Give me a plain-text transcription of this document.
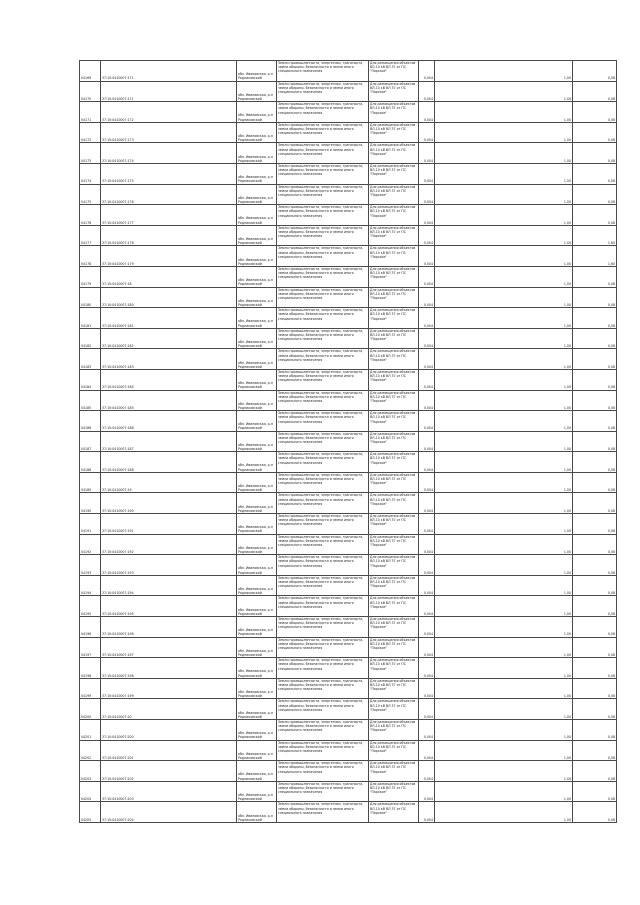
04169	37:10:0410007:171	обл. Ивановская, р-н Родниковский	Земли промышленности, энергетики, транспорта, земли обороны, безопасности и земли иного специального назначения	Для размещения объектов ВЛ-10 кВ ВЛ 37 от ПС "Парское"	0,004	1,00	0,08
04170	37:10:0410007:171	обл. Ивановская, р-н Родниковский	Земли промышленности, энергетики, транспорта, земли обороны, безопасности и земли иного специального назначения	Для размещения объектов ВЛ-10 кВ ВЛ 37 от ПС "Парское"	0,004	1,00	0,08
04171	37:10:0410007:172	обл. Ивановская, р-н Родниковский	Земли промышленности, энергетики, транспорта, земли обороны, безопасности и земли иного специального назначения	Для размещения объектов ВЛ-10 кВ ВЛ 37 от ПС "Парское"	0,004	1,00	0,08
04172	37:10:0410007:173	обл. Ивановская, р-н Родниковский	Земли промышленности, энергетики, транспорта, земли обороны, безопасности и земли иного специального назначения	Для размещения объектов ВЛ-10 кВ ВЛ 37 от ПС "Парское"	0,004	1,00	0,08
04173	37:10:0410007:174	обл. Ивановская, р-н Родниковский	Земли промышленности, энергетики, транспорта, земли обороны, безопасности и земли иного специального назначения	Для размещения объектов ВЛ-10 кВ ВЛ 37 от ПС "Парское"	0,004	1,00	0,08
04174	37:10:0410007:175	обл. Ивановская, р-н Родниковский	Земли промышленности, энергетики, транспорта, земли обороны, безопасности и земли иного специального назначения	Для размещения объектов ВЛ-10 кВ ВЛ 37 от ПС "Парское"	0,004	1,00	0,08
04175	37:10:0410007:176	обл. Ивановская, р-н Родниковский	Земли промышленности, энергетики, транспорта, земли обороны, безопасности и земли иного специального назначения	Для размещения объектов ВЛ-10 кВ ВЛ 37 от ПС "Парское"	0,004	1,00	0,08
04176	37:10:0410007:177	обл. Ивановская, р-н Родниковский	Земли промышленности, энергетики, транспорта, земли обороны, безопасности и земли иного специального назначения	Для размещения объектов ВЛ-10 кВ ВЛ 37 от ПС "Парское"	0,004	1,00	0,08
04177	37:10:0410007:178	обл. Ивановская, р-н Родниковский	Земли промышленности, энергетики, транспорта, земли обороны, безопасности и земли иного специального назначения	Для размещения объектов ВЛ-10 кВ ВЛ 37 от ПС "Парское"	0,004	1,00	1,60
04178	37:10:0410007:179	обл. Ивановская, р-н Родниковский	Земли промышленности, энергетики, транспорта, земли обороны, безопасности и земли иного специального назначения	Для размещения объектов ВЛ-10 кВ ВЛ 37 от ПС "Парское"	0,004	1,00	1,60
04179	37:10:0410007:18	обл. Ивановская, р-н Родниковский	Земли промышленности, энергетики, транспорта, земли обороны, безопасности и земли иного специального назначения	Для размещения объектов ВЛ-10 кВ ВЛ 37 от ПС "Парское"	0,004	1,00	0,08
04180	37:10:0410007:180	обл. Ивановская, р-н Родниковский	Земли промышленности, энергетики, транспорта, земли обороны, безопасности и земли иного специального назначения	Для размещения объектов ВЛ-10 кВ ВЛ 37 от ПС "Парское"	0,004	1,00	0,08
04181	37:10:0410007:181	обл. Ивановская, р-н Родниковский	Земли промышленности, энергетики, транспорта, земли обороны, безопасности и земли иного специального назначения	Для размещения объектов ВЛ-10 кВ ВЛ 37 от ПС "Парское"	0,004	1,00	0,08
04182	37:10:0410007:182	обл. Ивановская, р-н Родниковский	Земли промышленности, энергетики, транспорта, земли обороны, безопасности и земли иного специального назначения	Для размещения объектов ВЛ-10 кВ ВЛ 37 от ПС "Парское"	0,004	1,00	0,08
04183	37:10:0410007:183	обл. Ивановская, р-н Родниковский	Земли промышленности, энергетики, транспорта, земли обороны, безопасности и земли иного специального назначения	Для размещения объектов ВЛ-10 кВ ВЛ 37 от ПС "Парское"	0,004	1,00	0,08
04184	37:10:0410007:184	обл. Ивановская, р-н Родниковский	Земли промышленности, энергетики, транспорта, земли обороны, безопасности и земли иного специального назначения	Для размещения объектов ВЛ-10 кВ ВЛ 37 от ПС "Парское"	0,004	1,00	0,08
04185	37:10:0410007:185	обл. Ивановская, р-н Родниковский	Земли промышленности, энергетики, транспорта, земли обороны, безопасности и земли иного специального назначения	Для размещения объектов ВЛ-10 кВ ВЛ 37 от ПС "Парское"	0,004	1,00	0,08
04186	37:10:0410007:186	обл. Ивановская, р-н Родниковский	Земли промышленности, энергетики, транспорта, земли обороны, безопасности и земли иного специального назначения	Для размещения объектов ВЛ-10 кВ ВЛ 37 от ПС "Парское"	0,004	1,00	0,08
04187	37:10:0410007:187	обл. Ивановская, р-н Родниковский	Земли промышленности, энергетики, транспорта, земли обороны, безопасности и земли иного специального назначения	Для размещения объектов ВЛ-10 кВ ВЛ 37 от ПС "Парское"	0,004	1,00	0,08
04188	37:10:0410007:188	обл. Ивановская, р-н Родниковский	Земли промышленности, энергетики, транспорта, земли обороны, безопасности и земли иного специального назначения	Для размещения объектов ВЛ-10 кВ ВЛ 37 от ПС "Парское"	0,004	1,00	0,08
04189	37:10:0410007:19	обл. Ивановская, р-н Родниковский	Земли промышленности, энергетики, транспорта, земли обороны, безопасности и земли иного специального назначения	Для размещения объектов ВЛ-10 кВ ВЛ 37 от ПС "Парское"	0,004	1,00	0,08
04190	37:10:0410007:190	обл. Ивановская, р-н Родниковский	Земли промышленности, энергетики, транспорта, земли обороны, безопасности и земли иного специального назначения	Для размещения объектов ВЛ-10 кВ ВЛ 37 от ПС "Парское"	0,004	1,00	0,08
04191	37:10:0410007:191	обл. Ивановская, р-н Родниковский	Земли промышленности, энергетики, транспорта, земли обороны, безопасности и земли иного специального назначения	Для размещения объектов ВЛ-10 кВ ВЛ 37 от ПС "Парское"	0,004	1,00	0,08
04192	37:10:0410007:192	обл. Ивановская, р-н Родниковский	Земли промышленности, энергетики, транспорта, земли обороны, безопасности и земли иного специального назначения	Для размещения объектов ВЛ-10 кВ ВЛ 37 от ПС "Парское"	0,004	1,00	0,08
04193	37:10:0410007:193	обл. Ивановская, р-н Родниковский	Земли промышленности, энергетики, транспорта, земли обороны, безопасности и земли иного специального назначения	Для размещения объектов ВЛ-10 кВ ВЛ 37 от ПС "Парское"	0,004	1,00	0,08
04194	37:10:0410007:194	обл. Ивановская, р-н Родниковский	Земли промышленности, энергетики, транспорта, земли обороны, безопасности и земли иного специального назначения	Для размещения объектов ВЛ-10 кВ ВЛ 37 от ПС "Парское"	0,004	1,00	0,08
04195	37:10:0410007:195	обл. Ивановская, р-н Родниковский	Земли промышленности, энергетики, транспорта, земли обороны, безопасности и земли иного специального назначения	Для размещения объектов ВЛ-10 кВ ВЛ 37 от ПС "Парское"	0,004	1,00	0,08
04196	37:10:0410007:196	обл. Ивановская, р-н Родниковский	Земли промышленности, энергетики, транспорта, земли обороны, безопасности и земли иного специального назначения	Для размещения объектов ВЛ-10 кВ ВЛ 37 от ПС "Парское"	0,004	1,00	0,08
04197	37:10:0410007:197	обл. Ивановская, р-н Родниковский	Земли промышленности, энергетики, транспорта, земли обороны, безопасности и земли иного специального назначения	Для размещения объектов ВЛ-10 кВ ВЛ 37 от ПС "Парское"	0,004	1,00	0,08
04198	37:10:0410007:198	обл. Ивановская, р-н Родниковский	Земли промышленности, энергетики, транспорта, земли обороны, безопасности и земли иного специального назначения	Для размещения объектов ВЛ-10 кВ ВЛ 37 от ПС "Парское"	0,004	1,00	0,08
04199	37:10:0410007:199	обл. Ивановская, р-н Родниковский	Земли промышленности, энергетики, транспорта, земли обороны, безопасности и земли иного специального назначения	Для размещения объектов ВЛ-10 кВ ВЛ 37 от ПС "Парское"	0,004	1,00	0,08
04200	37:10:0410007:20	обл. Ивановская, р-н Родниковский	Земли промышленности, энергетики, транспорта, земли обороны, безопасности и земли иного специального назначения	Для размещения объектов ВЛ-10 кВ ВЛ 37 от ПС "Парское"	0,004	1,00	0,08
04201	37:10:0410007:200	обл. Ивановская, р-н Родниковский	Земли промышленности, энергетики, транспорта, земли обороны, безопасности и земли иного специального назначения	Для размещения объектов ВЛ-10 кВ ВЛ 37 от ПС "Парское"	0,004	1,00	0,08
04202	37:10:0410007:201	обл. Ивановская, р-н Родниковский	Земли промышленности, энергетики, транспорта, земли обороны, безопасности и земли иного специального назначения	Для размещения объектов ВЛ-10 кВ ВЛ 37 от ПС "Парское"	0,004	1,00	0,08
04203	37:10:0410007:202	обл. Ивановская, р-н Родниковский	Земли промышленности, энергетики, транспорта, земли обороны, безопасности и земли иного специального назначения	Для размещения объектов ВЛ-10 кВ ВЛ 37 от ПС "Парское"	0,004	1,00	0,08
04204	37:10:0410007:203	обл. Ивановская, р-н Родниковский	Земли промышленности, энергетики, транспорта, земли обороны, безопасности и земли иного специального назначения	Для размещения объектов ВЛ-10 кВ ВЛ 37 от ПС "Парское"	0,004	1,00	0,08
04205	37:10:0410007:204	обл. Ивановская, р-н Родниковский	Земли промышленности, энергетики, транспорта, земли обороны, безопасности и земли иного специального назначения	Для размещения объектов ВЛ-10 кВ ВЛ 37 от ПС "Парское"	0,004	1,00	0,08
